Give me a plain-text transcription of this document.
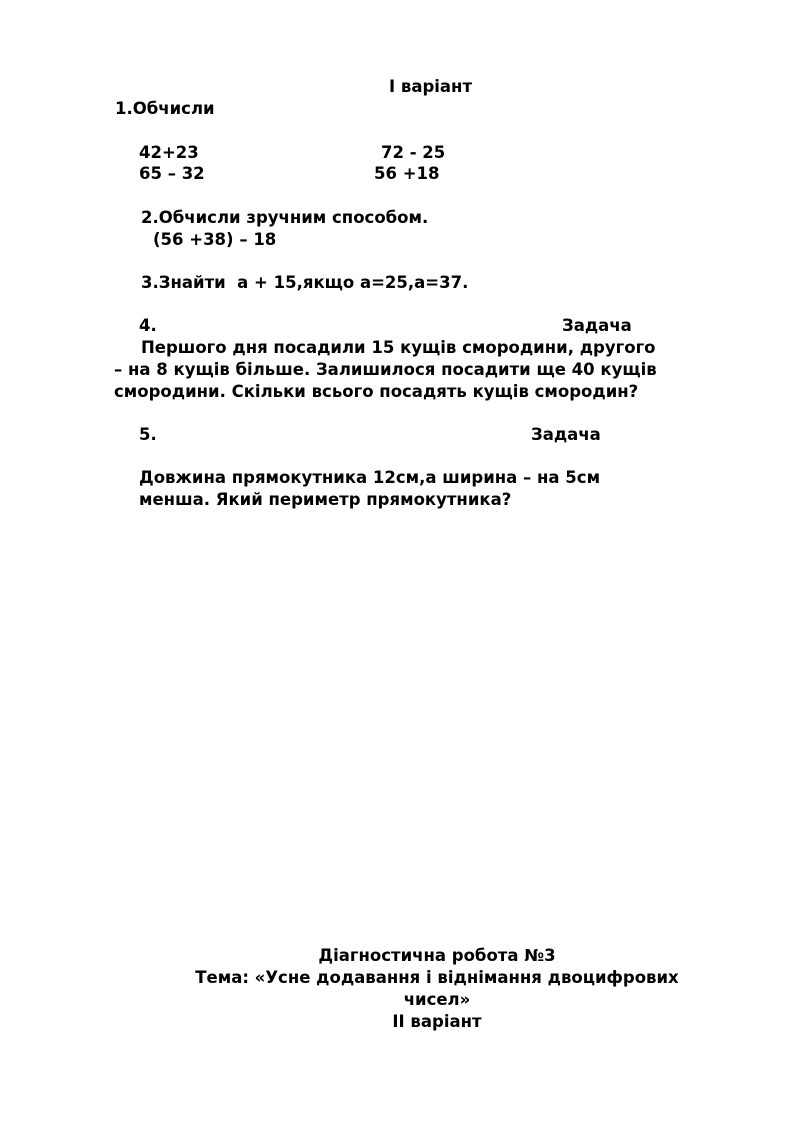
I варіант
1.Обчисли
42+23	72 - 25
65 – 32	56 +18
2.Обчисли зручним способом.
(56 +38) – 18
3.Знайти  а + 15,якщо а=25,а=37.
4.	Задача
Першого дня посадили 15 кущів смородини, другого
– на 8 кущів більше. Залишилося посадити ще 40 кущів
смородини. Скільки всього посадять кущів смородин?
5.	Задача
Довжина прямокутника 12см,а ширина – на 5см
менша. Який периметр прямокутника?
Діагностична робота №3
Тема: «Усне додавання і віднімання двоцифрових
чисел»
II варіант
